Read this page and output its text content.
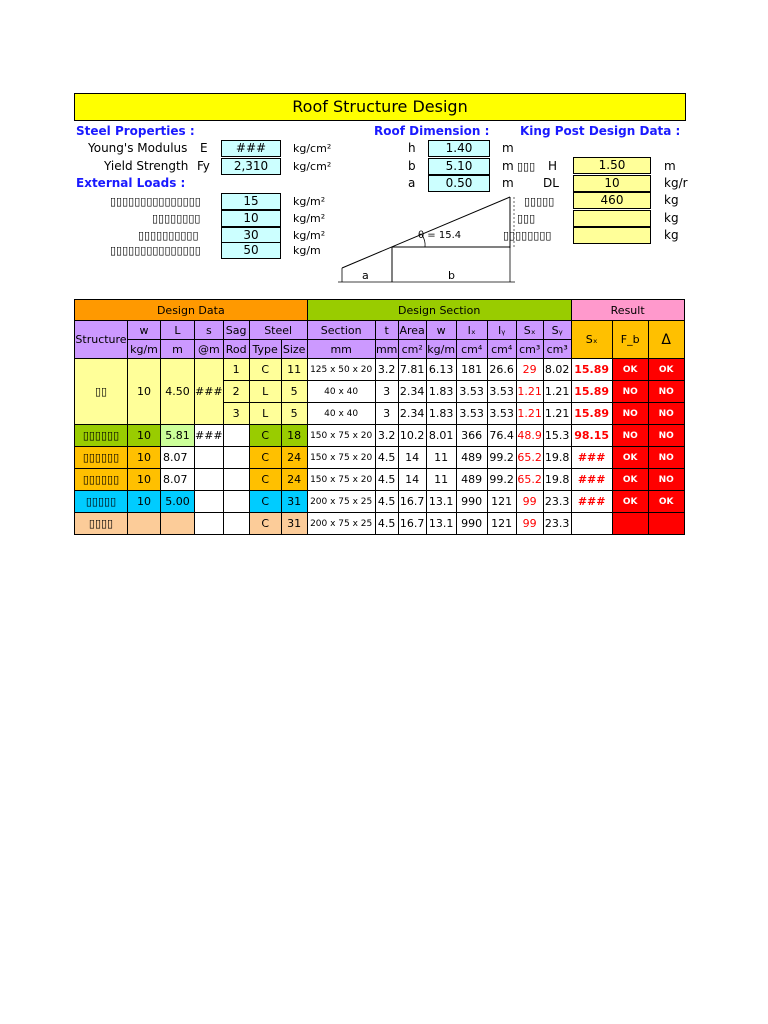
Roof Structure Design
Steel Properties :	Roof Dimension :	King Post Design Data :
Young's Modulus E	###	kg/cm²
Yield Strength Fy	2,310	kg/cm²
External Loads :
▯▯▯▯▯▯▯▯▯▯▯▯▯▯▯	15	kg/m²
▯▯▯▯▯▯▯▯	10	kg/m²
▯▯▯▯▯▯▯▯▯▯	30	kg/m²
▯▯▯▯▯▯▯▯▯▯▯▯▯▯▯	50	kg/m
h	1.40	m
b	5.10	m ▯▯▯
a	0.50	m
H	1.50	m
DL	10	kg/r
▯▯▯▯▯	460	kg
▯▯▯	kg
▯▯▯▯▯▯▯▯	kg
θ = 15.4
a	b
Design Data							Design Section								Result		
Structure	w	L	s	Sag	Steel		Section	t	Area	w	Iₓ	Iᵧ	Sₓ	Sᵧ	Sₓ	F_b	Δ
	kg/m	m	@m	Rod	Type	Size	mm	mm	cm²	kg/m	cm⁴	cm⁴	cm³	cm³			
▯▯	10	4.50	###	1	C	11	125 x 50 x 20	3.2	7.81	6.13	181	26.6	29	8.02	15.89	OK	OK
				2	L	5	40 x 40	3	2.34	1.83	3.53	3.53	1.21	1.21	15.89	NO	NO
				3	L	5	40 x 40	3	2.34	1.83	3.53	3.53	1.21	1.21	15.89	NO	NO
▯▯▯▯▯▯	10	5.81	###		C	18	150 x 75 x 20	3.2	10.2	8.01	366	76.4	48.9	15.3	98.15	NO	NO
▯▯▯▯▯▯	10	8.07			C	24	150 x 75 x 20	4.5	14	11	489	99.2	65.2	19.8	###	OK	NO
▯▯▯▯▯▯	10	8.07			C	24	150 x 75 x 20	4.5	14	11	489	99.2	65.2	19.8	###	OK	NO
▯▯▯▯▯	10	5.00			C	31	200 x 75 x 25	4.5	16.7	13.1	990	121	99	23.3	###	OK	OK
▯▯▯▯					C	31	200 x 75 x 25	4.5	16.7	13.1	990	121	99	23.3			
